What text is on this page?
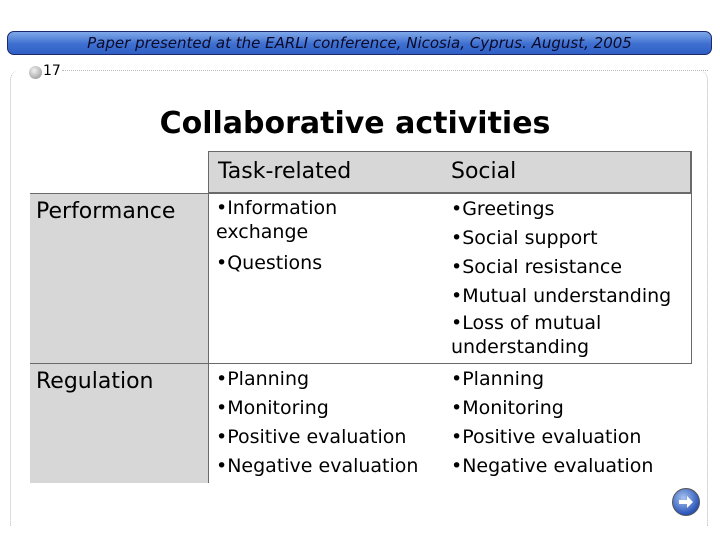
Paper presented at the EARLI conference, Nicosia, Cyprus. August, 2005
17
Collaborative activities
Task-related	Social
Performance •Information exchange
•Questions
•Greetings
•Social support
•Social resistance
•Mutual understanding
•Loss of mutual understanding
Regulation	•Planning
•Monitoring
•Positive evaluation
•Negative evaluation
•Planning
•Monitoring
•Positive evaluation
•Negative evaluation
